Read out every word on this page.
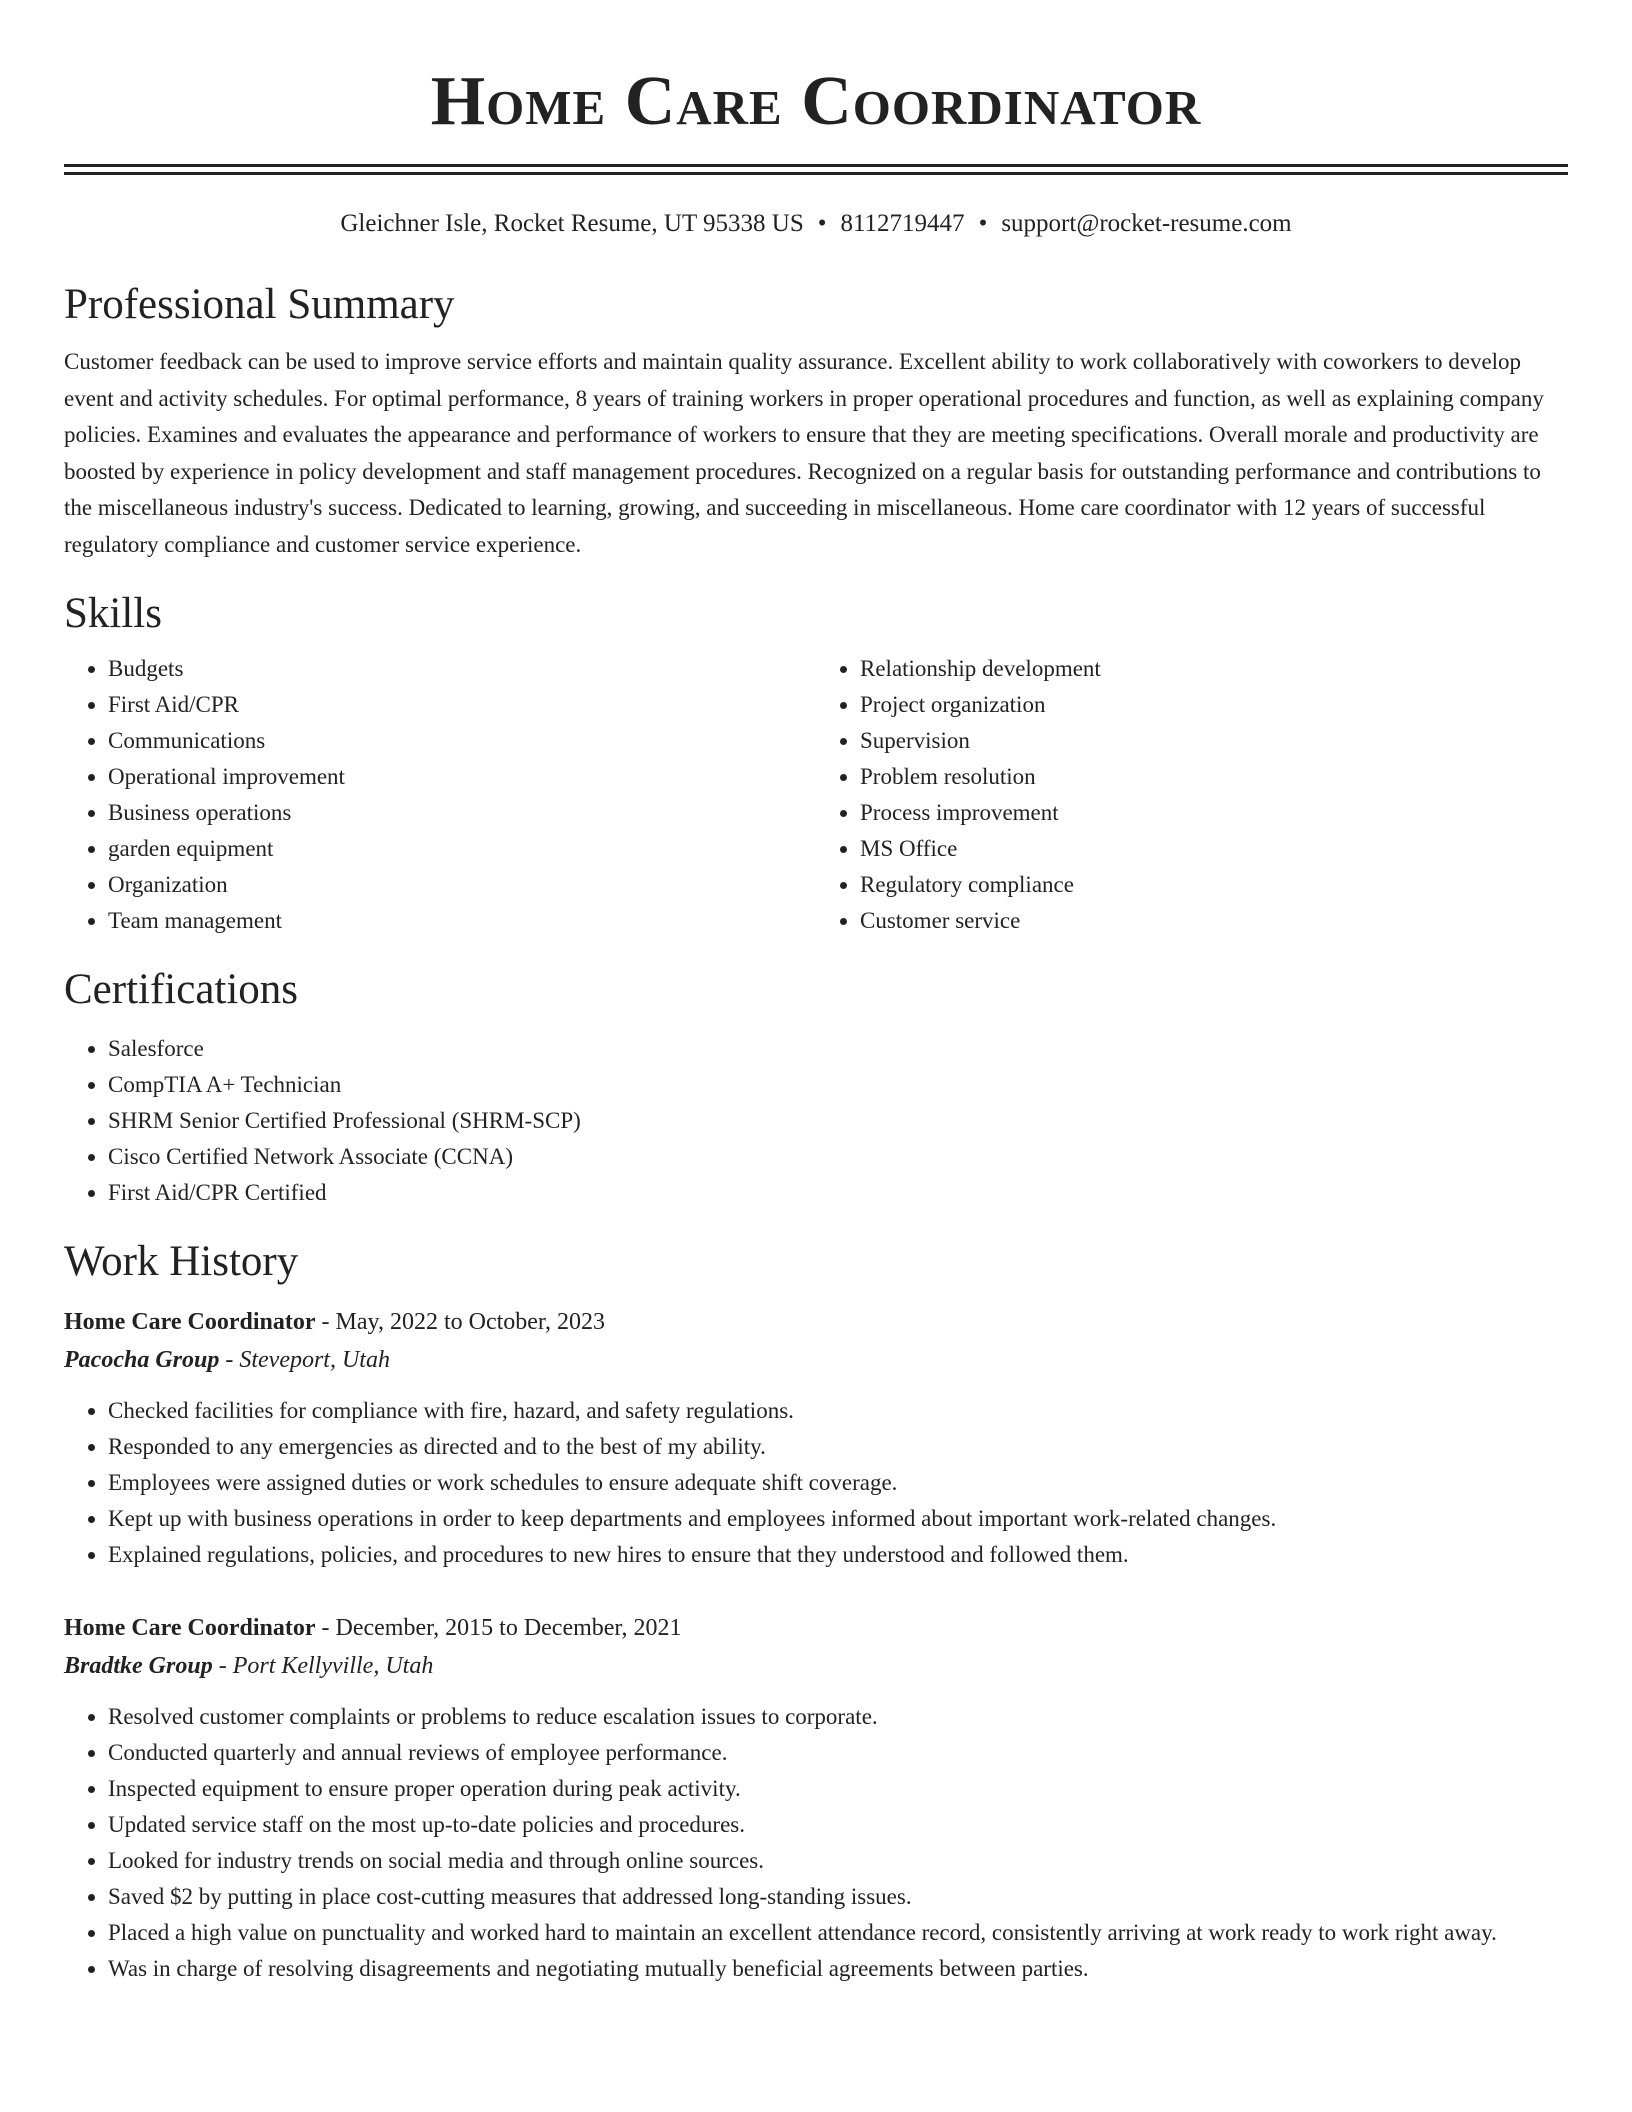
Home Care Coordinator
Gleichner Isle, Rocket Resume, UT 95338 US • 8112719447 • support@rocket-resume.com
Professional Summary

Customer feedback can be used to improve service efforts and maintain quality assurance. Excellent ability to work collaboratively with coworkers to develop event and activity schedules. For optimal performance, 8 years of training workers in proper operational procedures and function, as well as explaining company policies. Examines and evaluates the appearance and performance of workers to ensure that they are meeting specifications. Overall morale and productivity are boosted by experience in policy development and staff management procedures. Recognized on a regular basis for outstanding performance and contributions to the miscellaneous industry's success. Dedicated to learning, growing, and succeeding in miscellaneous. Home care coordinator with 12 years of successful regulatory compliance and customer service experience.

Skills
• Budgets
• First Aid/CPR
• Communications
• Operational improvement
• Business operations
• garden equipment
• Organization
• Team management
• Relationship development
• Project organization
• Supervision
• Problem resolution
• Process improvement
• MS Office
• Regulatory compliance
• Customer service
Certifications
• Salesforce
• CompTIA A+ Technician
• SHRM Senior Certified Professional (SHRM-SCP)
• Cisco Certified Network Associate (CCNA)
• First Aid/CPR Certified
Work History
Home Care Coordinator - May, 2022 to October, 2023
Pacocha Group - Steveport, Utah
• Checked facilities for compliance with fire, hazard, and safety regulations.
• Responded to any emergencies as directed and to the best of my ability.
• Employees were assigned duties or work schedules to ensure adequate shift coverage.
• Kept up with business operations in order to keep departments and employees informed about important work-related changes.
• Explained regulations, policies, and procedures to new hires to ensure that they understood and followed them.
Home Care Coordinator - December, 2015 to December, 2021
Bradtke Group - Port Kellyville, Utah
• Resolved customer complaints or problems to reduce escalation issues to corporate.
• Conducted quarterly and annual reviews of employee performance.
• Inspected equipment to ensure proper operation during peak activity.
• Updated service staff on the most up-to-date policies and procedures.
• Looked for industry trends on social media and through online sources.
• Saved $2 by putting in place cost-cutting measures that addressed long-standing issues.
• Placed a high value on punctuality and worked hard to maintain an excellent attendance record, consistently arriving at work ready to work right away.
• Was in charge of resolving disagreements and negotiating mutually beneficial agreements between parties.
